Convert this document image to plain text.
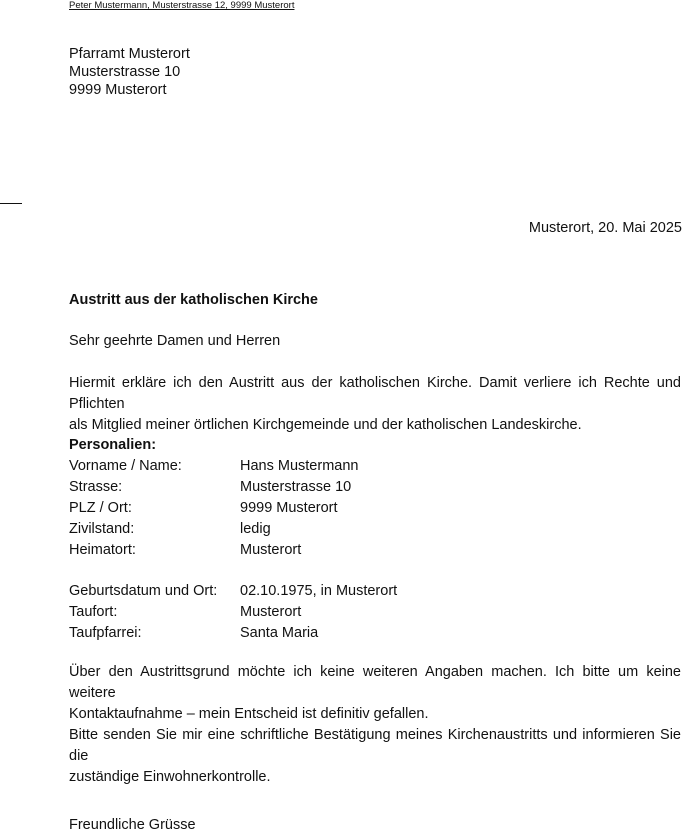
Peter Mustermann, Musterstrasse 12, 9999 Musterort
Pfarramt Musterort
Musterstrasse 10
9999 Musterort
Musterort, 20. Mai 2025
Austritt aus der katholischen Kirche
Sehr geehrte Damen und Herren
Hiermit erkläre ich den Austritt aus der katholischen Kirche. Damit verliere ich Rechte und Pflichten
als Mitglied meiner örtlichen Kirchgemeinde und der katholischen Landeskirche.
Personalien:
Vorname / Name:	Hans Mustermann
Strasse:	Musterstrasse 10
PLZ / Ort:	9999 Musterort
Zivilstand:	ledig
Heimatort:	Musterort
Geburtsdatum und Ort:	02.10.1975, in Musterort
Taufort:	Musterort
Taufpfarrei:	Santa Maria
Über den Austrittsgrund möchte ich keine weiteren Angaben machen. Ich bitte um keine weitere
Kontaktaufnahme – mein Entscheid ist definitiv gefallen.
Bitte senden Sie mir eine schriftliche Bestätigung meines Kirchenaustritts und informieren Sie die
zuständige Einwohnerkontrolle.
Freundliche Grüsse
